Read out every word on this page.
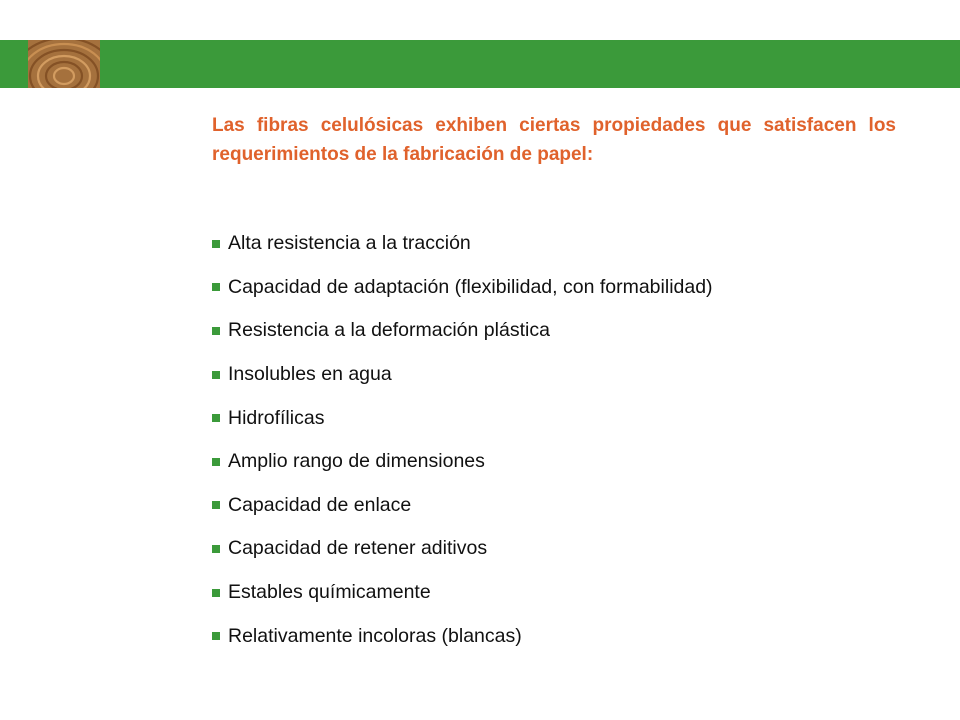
Las fibras celulósicas exhiben ciertas propiedades que satisfacen los requerimientos de la fabricación de papel:

Alta resistencia a la tracción
Capacidad de adaptación (flexibilidad, con formabilidad)
Resistencia a la deformación plástica
Insolubles en agua
Hidrofílicas
Amplio rango de dimensiones
Capacidad de enlace
Capacidad de retener aditivos
Estables químicamente
Relativamente incoloras (blancas)
